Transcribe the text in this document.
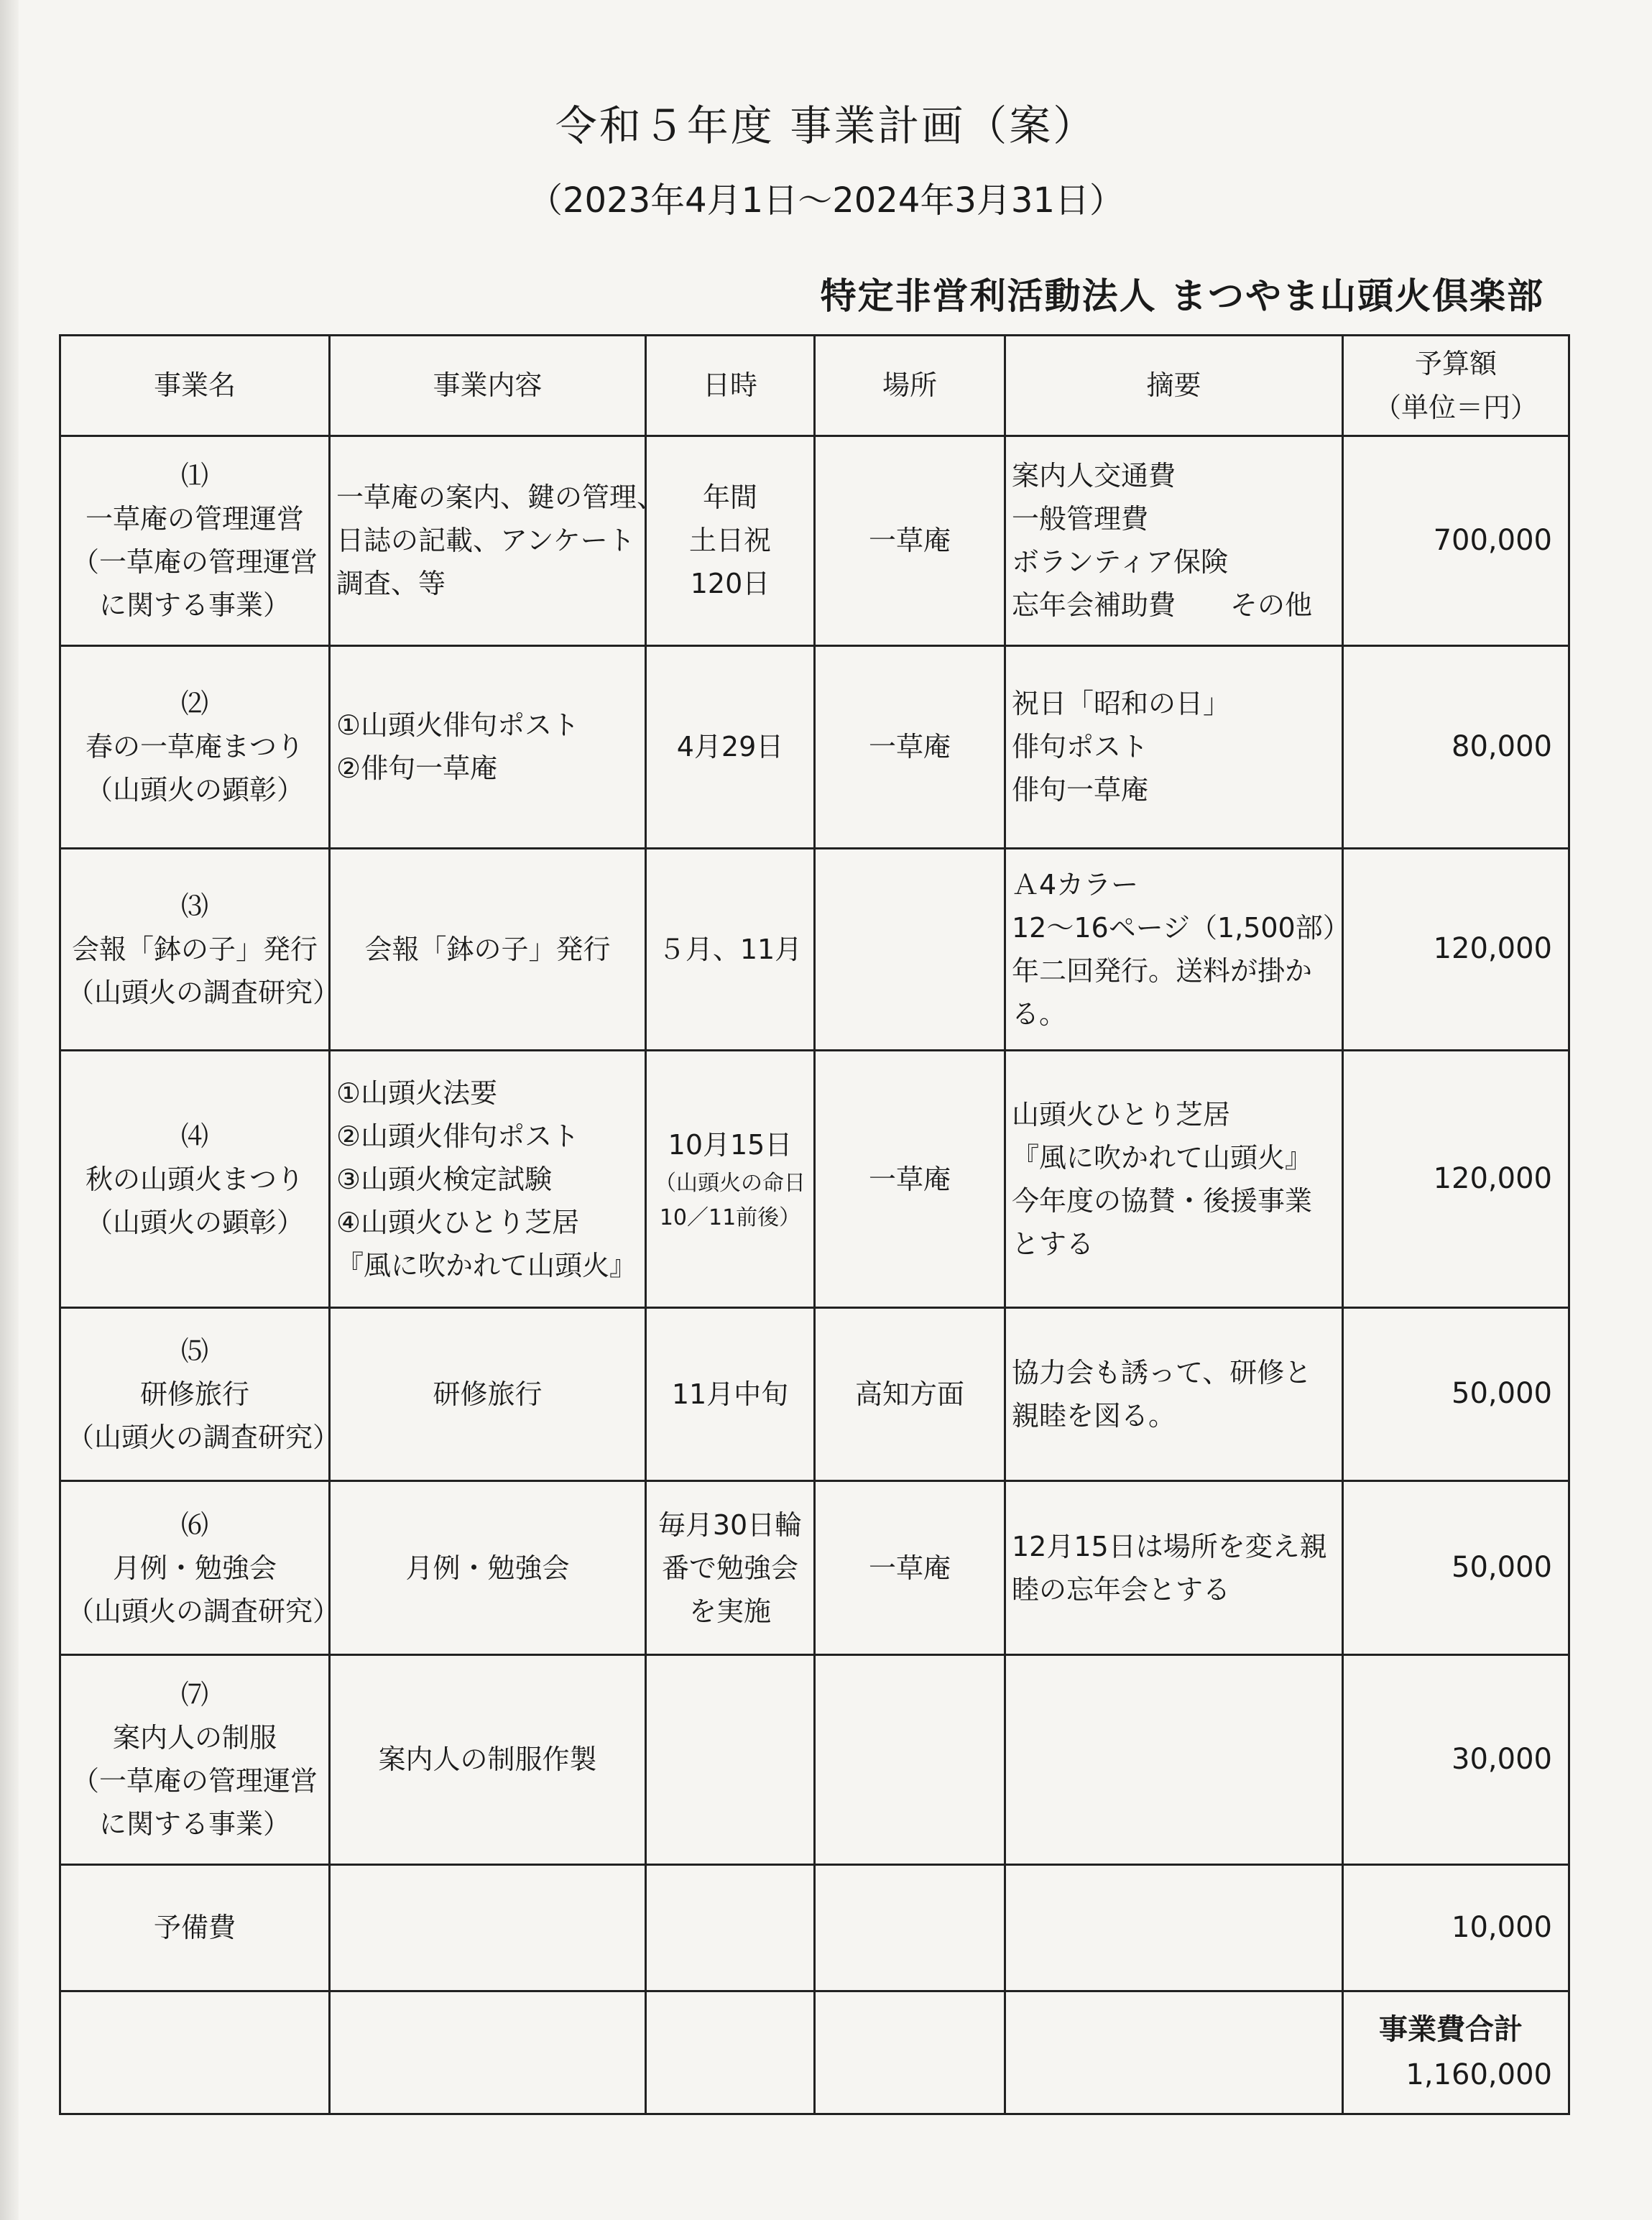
令和５年度 事業計画（案）
（2023年4月1日～2024年3月31日）
特定非営利活動法人 まつやま山頭火倶楽部
事業名	事業内容	日時	場所	摘要	予算額
（単位＝円）

⑴
一草庵の管理運営
（一草庵の管理運営
に関する事業）	一草庵の案内、鍵の管理、
日誌の記載、アンケート
調査、等	年間
土日祝
120日	一草庵	案内人交通費
一般管理費
ボランティア保険
忘年会補助費　　その他	700,000

⑵
春の一草庵まつり
（山頭火の顕彰）	①山頭火俳句ポスト
②俳句一草庵	4月29日	一草庵	祝日「昭和の日」
俳句ポスト
俳句一草庵	80,000

⑶
会報「鉢の子」発行
（山頭火の調査研究）	会報「鉢の子」発行	５月、11月		Ａ4カラー
12～16ページ（1,500部）
年二回発行。送料が掛か
る。	120,000

⑷
秋の山頭火まつり
（山頭火の顕彰）	①山頭火法要
②山頭火俳句ポスト
③山頭火検定試験
④山頭火ひとり芝居
『風に吹かれて山頭火』	10月15日
（山頭火の命日
10／11前後）	一草庵	山頭火ひとり芝居
『風に吹かれて山頭火』
今年度の協賛・後援事業
とする	120,000

⑸
研修旅行
（山頭火の調査研究）	研修旅行	11月中旬	高知方面	協力会も誘って、研修と
親睦を図る。	50,000

⑹
月例・勉強会
（山頭火の調査研究）	月例・勉強会	毎月30日輪
番で勉強会
を実施	一草庵	12月15日は場所を変え親
睦の忘年会とする	50,000

⑺
案内人の制服
（一草庵の管理運営
に関する事業）	案内人の制服作製				30,000

予備費					10,000

					事業費合計
1,160,000
